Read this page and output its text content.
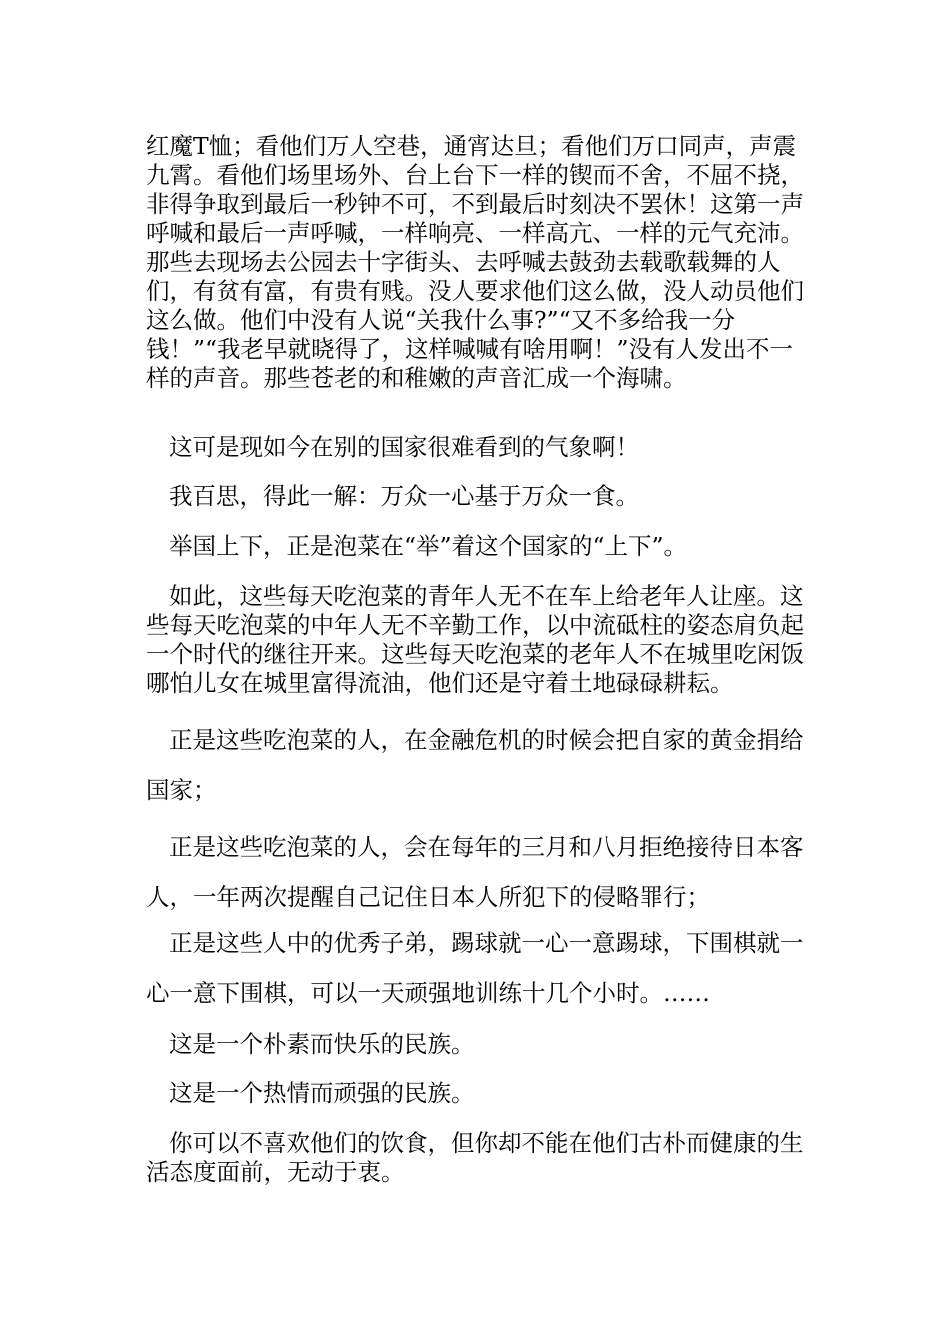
红魔T恤；看他们万人空巷，通宵达旦；看他们万口同声，声震九霄。看他们场里场外、台上台下一样的锲而不舍，不屈不挠，非得争取到最后一秒钟不可，不到最后时刻决不罢休！这第一声呼喊和最后一声呼喊，一样响亮、一样高亢、一样的元气充沛。那些去现场去公园去十字街头、去呼喊去鼓劲去载歌载舞的人们，有贫有富，有贵有贱。没人要求他们这么做，没人动员他们这么做。他们中没有人说“关我什么事?”“又不多给我一分钱！”“我老早就晓得了，这样喊喊有啥用啊！”没有人发出不一样的声音。那些苍老的和稚嫩的声音汇成一个海啸。

这可是现如今在别的国家很难看到的气象啊！

我百思，得此一解：万众一心基于万众一食。

举国上下，正是泡菜在“举”着这个国家的“上下”。

如此，这些每天吃泡菜的青年人无不在车上给老年人让座。这些每天吃泡菜的中年人无不辛勤工作，以中流砥柱的姿态肩负起一个时代的继往开来。这些每天吃泡菜的老年人不在城里吃闲饭哪怕儿女在城里富得流油，他们还是守着土地碌碌耕耘。

正是这些吃泡菜的人，在金融危机的时候会把自家的黄金捐给国家；

正是这些吃泡菜的人，会在每年的三月和八月拒绝接待日本客人，一年两次提醒自己记住日本人所犯下的侵略罪行；

正是这些人中的优秀子弟，踢球就一心一意踢球，下围棋就一心一意下围棋，可以一天顽强地训练十几个小时。……

这是一个朴素而快乐的民族。

这是一个热情而顽强的民族。

你可以不喜欢他们的饮食，但你却不能在他们古朴而健康的生活态度面前，无动于衷。
